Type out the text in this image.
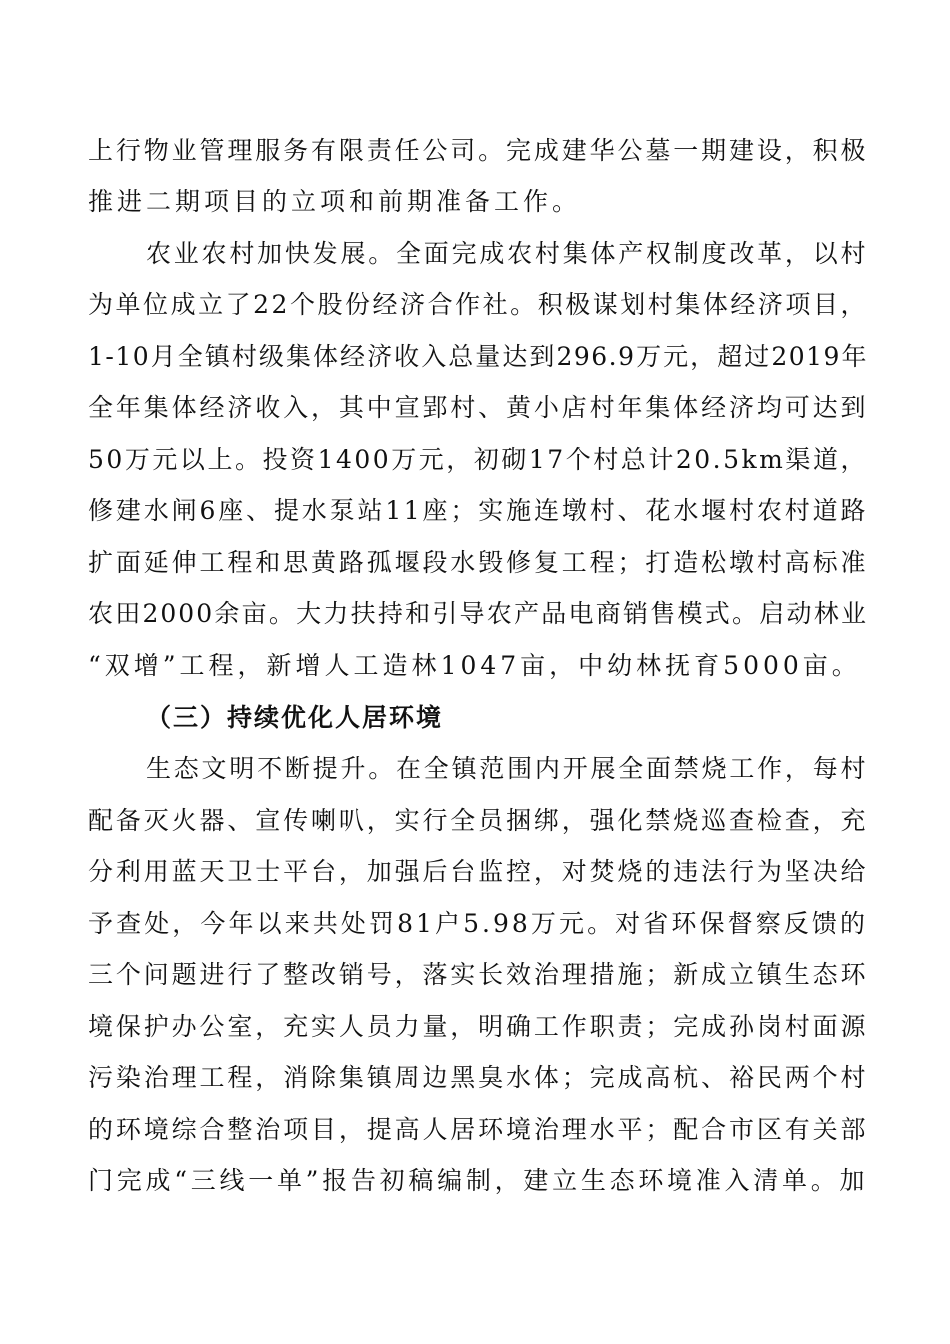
上行物业管理服务有限责任公司。完成建华公墓一期建设，积极
推进二期项目的立项和前期准备工作。
农业农村加快发展。全面完成农村集体产权制度改革，以村
为单位成立了22个股份经济合作社。积极谋划村集体经济项目，
1-10月全镇村级集体经济收入总量达到296.9万元，超过2019年
全年集体经济收入，其中宣郢村、黄小店村年集体经济均可达到
50万元以上。投资1400万元，初砌17个村总计20.5km渠道，
修建水闸6座、提水泵站11座；实施连墩村、花水堰村农村道路
扩面延伸工程和思黄路孤堰段水毁修复工程；打造松墩村高标准
农田2000余亩。大力扶持和引导农产品电商销售模式。启动林业
“双增”工程，新增人工造林1047亩，中幼林抚育5000亩。
（三）持续优化人居环境
生态文明不断提升。在全镇范围内开展全面禁烧工作，每村
配备灭火器、宣传喇叭，实行全员捆绑，强化禁烧巡查检查，充
分利用蓝天卫士平台，加强后台监控，对焚烧的违法行为坚决给
予查处，今年以来共处罚81户5.98万元。对省环保督察反馈的
三个问题进行了整改销号，落实长效治理措施；新成立镇生态环
境保护办公室，充实人员力量，明确工作职责；完成孙岗村面源
污染治理工程，消除集镇周边黑臭水体；完成高杭、裕民两个村
的环境综合整治项目，提高人居环境治理水平；配合市区有关部
门完成“三线一单”报告初稿编制，建立生态环境准入清单。加
